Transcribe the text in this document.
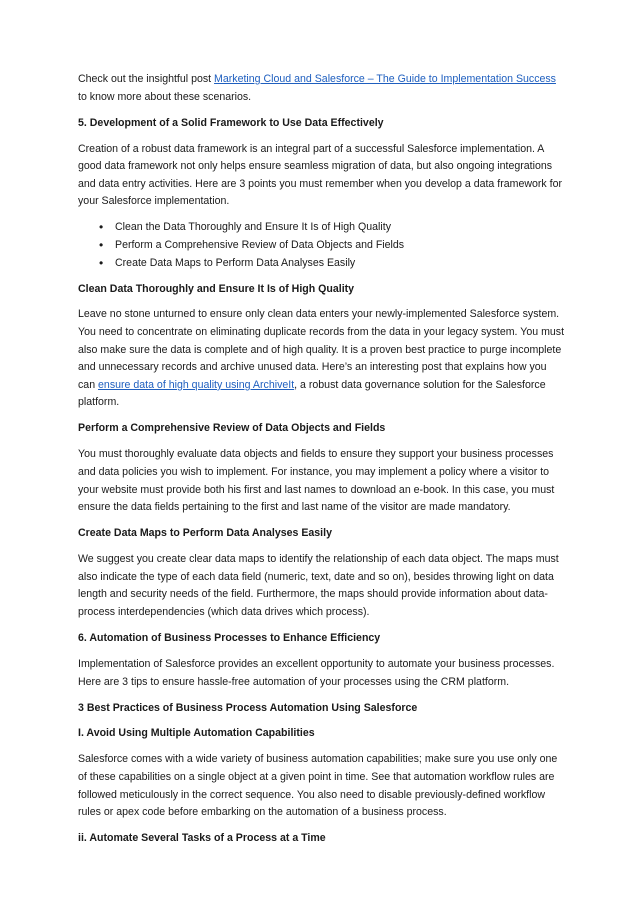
Check out the insightful post Marketing Cloud and Salesforce – The Guide to Implementation Success to know more about these scenarios.

5. Development of a Solid Framework to Use Data Effectively

Creation of a robust data framework is an integral part of a successful Salesforce implementation. A good data framework not only helps ensure seamless migration of data, but also ongoing integrations and data entry activities. Here are 3 points you must remember when you develop a data framework for your Salesforce implementation.

• Clean the Data Thoroughly and Ensure It Is of High Quality
• Perform a Comprehensive Review of Data Objects and Fields
• Create Data Maps to Perform Data Analyses Easily
Clean Data Thoroughly and Ensure It Is of High Quality

Leave no stone unturned to ensure only clean data enters your newly-implemented Salesforce system. You need to concentrate on eliminating duplicate records from the data in your legacy system. You must also make sure the data is complete and of high quality. It is a proven best practice to purge incomplete and unnecessary records and archive unused data. Here’s an interesting post that explains how you can ensure data of high quality using ArchiveIt, a robust data governance solution for the Salesforce platform.

Perform a Comprehensive Review of Data Objects and Fields

You must thoroughly evaluate data objects and fields to ensure they support your business processes and data policies you wish to implement. For instance, you may implement a policy where a visitor to your website must provide both his first and last names to download an e-book. In this case, you must ensure the data fields pertaining to the first and last name of the visitor are made mandatory.

Create Data Maps to Perform Data Analyses Easily

We suggest you create clear data maps to identify the relationship of each data object. The maps must also indicate the type of each data field (numeric, text, date and so on), besides throwing light on data length and security needs of the field. Furthermore, the maps should provide information about data-process interdependencies (which data drives which process).

6. Automation of Business Processes to Enhance Efficiency

Implementation of Salesforce provides an excellent opportunity to automate your business processes. Here are 3 tips to ensure hassle-free automation of your processes using the CRM platform.

3 Best Practices of Business Process Automation Using Salesforce
I. Avoid Using Multiple Automation Capabilities

Salesforce comes with a wide variety of business automation capabilities; make sure you use only one of these capabilities on a single object at a given point in time. See that automation workflow rules are followed meticulously in the correct sequence. You also need to disable previously-defined workflow rules or apex code before embarking on the automation of a business process.

ii. Automate Several Tasks of a Process at a Time
